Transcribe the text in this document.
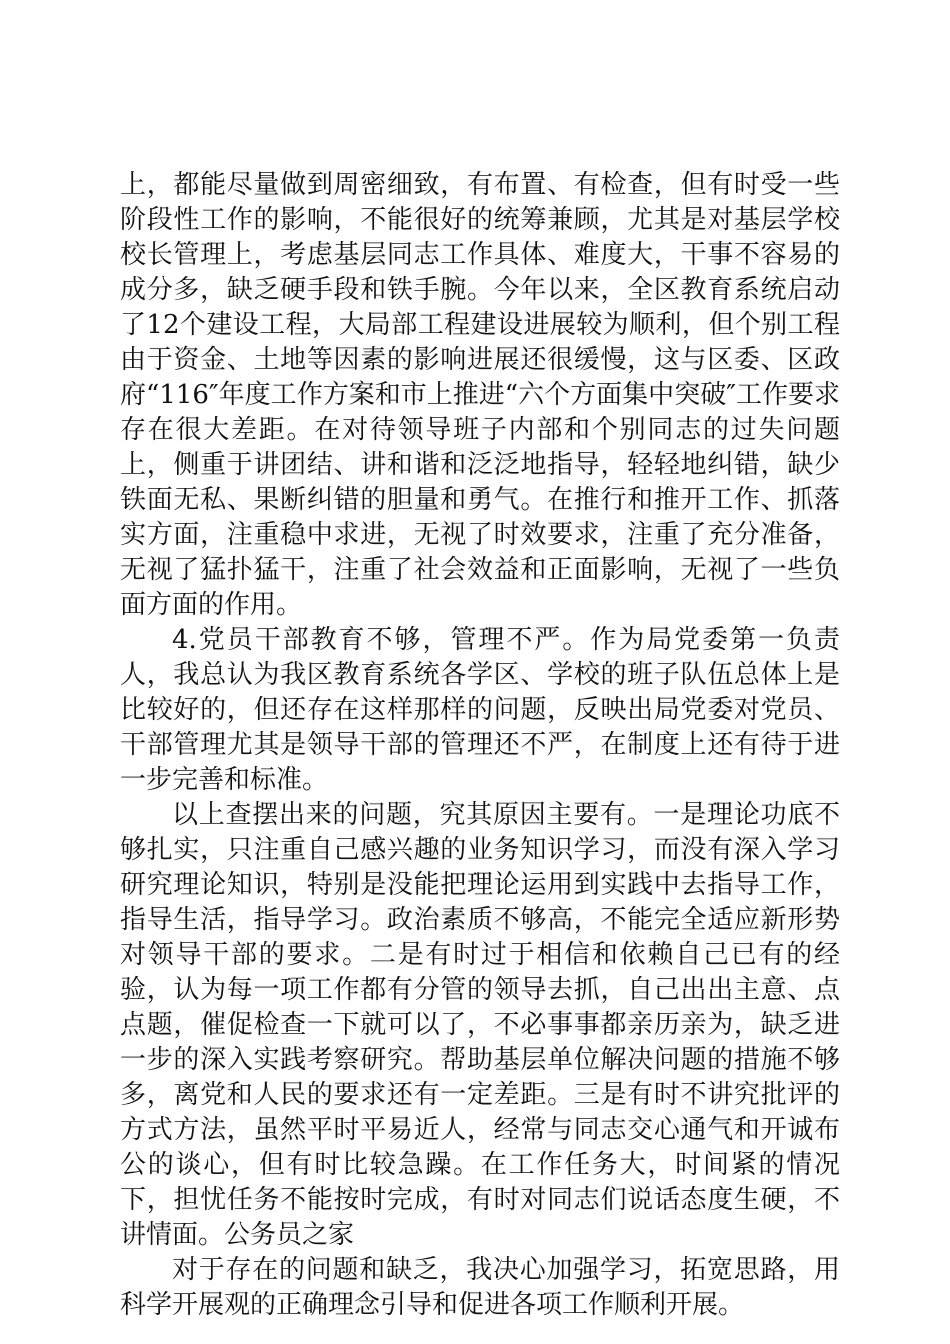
上，都能尽量做到周密细致，有布置、有检查，但有时受一些阶段性工作的影响，不能很好的统筹兼顾，尤其是对基层学校校长管理上，考虑基层同志工作具体、难度大，干事不容易的成分多，缺乏硬手段和铁手腕。今年以来，全区教育系统启动了12个建设工程，大局部工程建设进展较为顺利，但个别工程由于资金、土地等因素的影响进展还很缓慢，这与区委、区政府“116″年度工作方案和市上推进“六个方面集中突破″工作要求存在很大差距。在对待领导班子内部和个别同志的过失问题上，侧重于讲团结、讲和谐和泛泛地指导，轻轻地纠错，缺少铁面无私、果断纠错的胆量和勇气。在推行和推开工作、抓落实方面，注重稳中求进，无视了时效要求，注重了充分准备，无视了猛扑猛干，注重了社会效益和正面影响，无视了一些负面方面的作用。

4.党员干部教育不够，管理不严。作为局党委第一负责人，我总认为我区教育系统各学区、学校的班子队伍总体上是比较好的，但还存在这样那样的问题，反映出局党委对党员、干部管理尤其是领导干部的管理还不严，在制度上还有待于进一步完善和标准。

以上查摆出来的问题，究其原因主要有。一是理论功底不够扎实，只注重自己感兴趣的业务知识学习，而没有深入学习研究理论知识，特别是没能把理论运用到实践中去指导工作，指导生活，指导学习。政治素质不够高，不能完全适应新形势对领导干部的要求。二是有时过于相信和依赖自己已有的经验，认为每一项工作都有分管的领导去抓，自己出出主意、点点题，催促检查一下就可以了，不必事事都亲历亲为，缺乏进一步的深入实践考察研究。帮助基层单位解决问题的措施不够多，离党和人民的要求还有一定差距。三是有时不讲究批评的方式方法，虽然平时平易近人，经常与同志交心通气和开诚布公的谈心，但有时比较急躁。在工作任务大，时间紧的情况下，担忧任务不能按时完成，有时对同志们说话态度生硬，不讲情面。公务员之家

对于存在的问题和缺乏，我决心加强学习，拓宽思路，用科学开展观的正确理念引导和促进各项工作顺利开展。
